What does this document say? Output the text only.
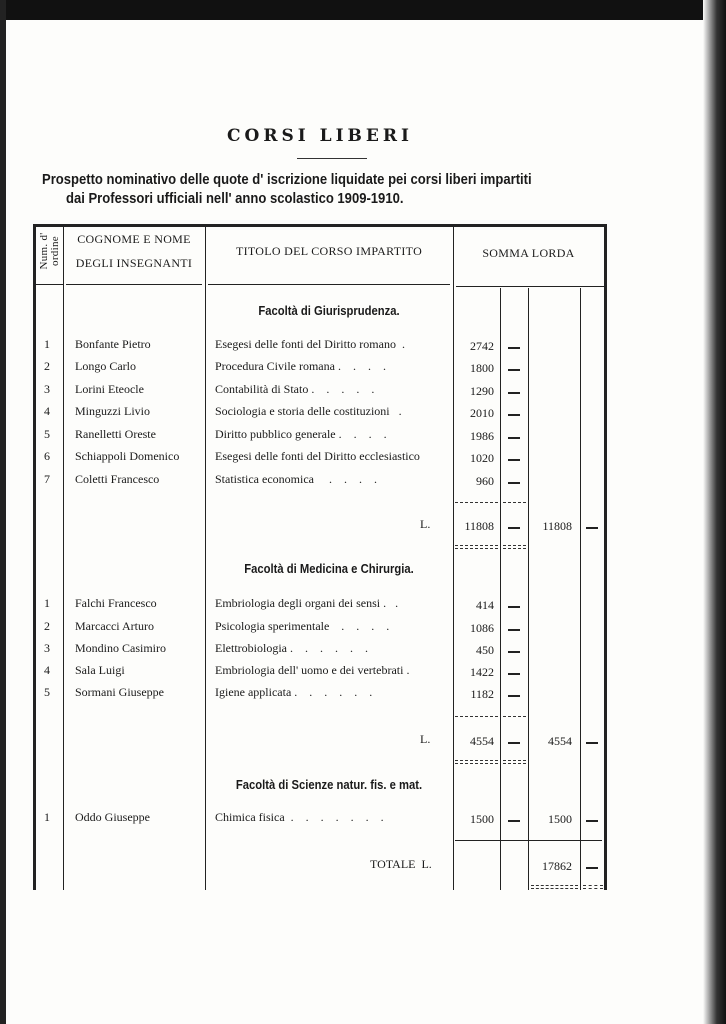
CORSI LIBERI
Prospetto nominativo delle quote d' iscrizione liquidate pei corsi liberi impartiti
dai Professori ufficiali nell' anno scolastico 1909-1910.
Num. d' ordine	COGNOME E NOME
DEGLI INSEGNANTI
TITOLO DEL CORSO IMPARTITO	SOMMA LORDA
Facoltà di Giurisprudenza.
1 Bonfante Pietro	Esegesi delle fonti del Diritto romano  .	2742
2 Longo Carlo	Procedura Civile romana .    .    .    .	1800
3 Lorini Eteocle	Contabilità di Stato .    .    .    .    .	1290
4 Minguzzi Livio	Sociologia e storia delle costituzioni   .	2010
5 Ranelletti Oreste	Diritto pubblico generale .    .    .    .	1986
6 Schiappoli Domenico	Esegesi delle fonti del Diritto ecclesiastico	1020
7 Coletti Francesco	Statistica economica     .    .    .    .	960
L.	11808	11808
Facoltà di Medicina e Chirurgia.
1 Falchi Francesco	Embriologia degli organi dei sensi .   .	414
2 Marcacci Arturo	Psicologia sperimentale    .    .    .    .	1086
3 Mondino Casimiro	Elettrobiologia .    .    .    .    .    .	450
4 Sala Luigi	Embriologia dell' uomo e dei vertebrati .	1422
5 Sormani Giuseppe	Igiene applicata .    .    .    .    .    .	1182
L.	4554	4554
Facoltà di Scienze natur. fis. e mat.
1 Oddo Giuseppe	Chimica fisica  .    .    .    .    .    .    .	1500	1500
TOTALE  L.	17862
